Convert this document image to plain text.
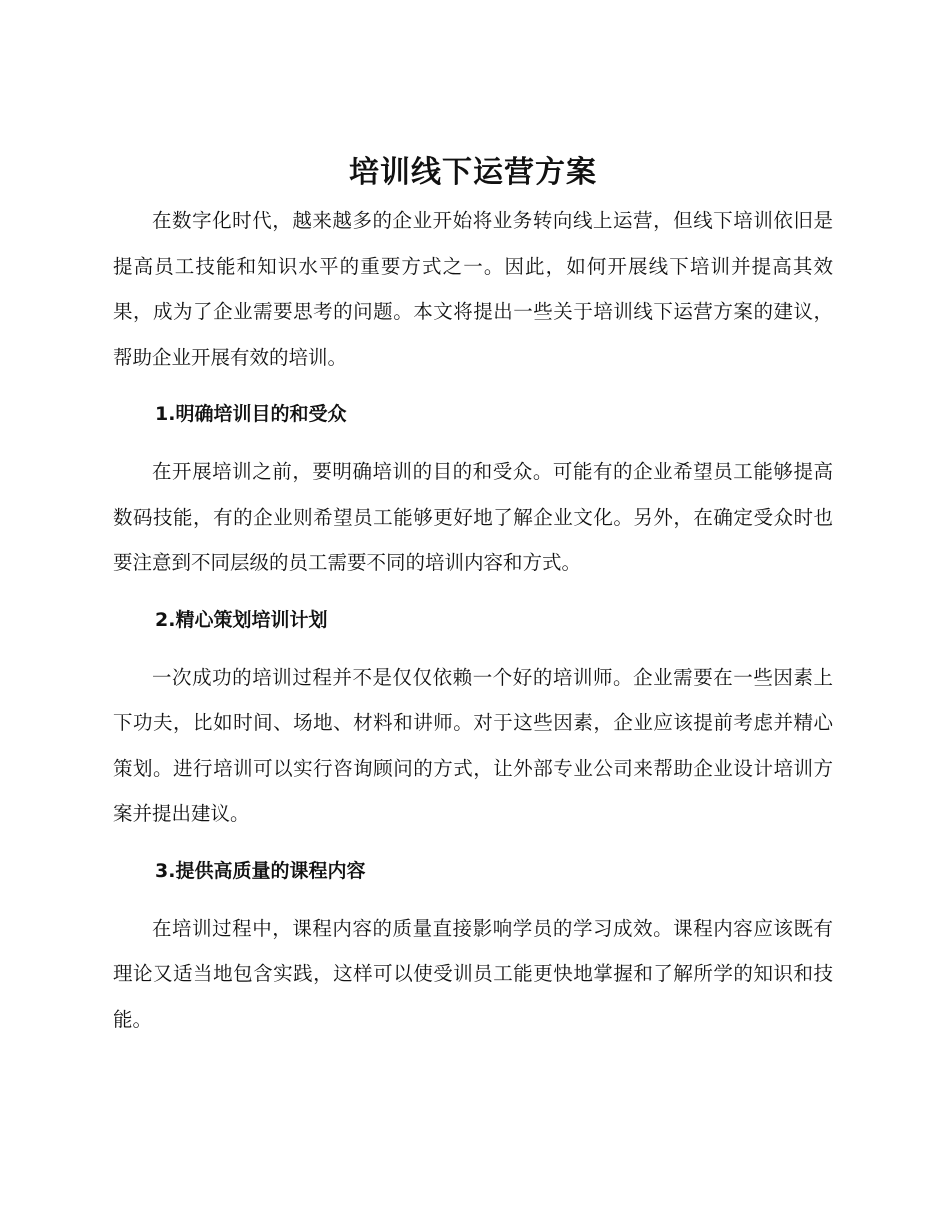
培训线下运营方案

在数字化时代，越来越多的企业开始将业务转向线上运营，但线下培训依旧是提高员工技能和知识水平的重要方式之一。因此，如何开展线下培训并提高其效果，成为了企业需要思考的问题。本文将提出一些关于培训线下运营方案的建议，帮助企业开展有效的培训。

1.明确培训目的和受众

在开展培训之前，要明确培训的目的和受众。可能有的企业希望员工能够提高数码技能，有的企业则希望员工能够更好地了解企业文化。另外，在确定受众时也要注意到不同层级的员工需要不同的培训内容和方式。

2.精心策划培训计划

一次成功的培训过程并不是仅仅依赖一个好的培训师。企业需要在一些因素上下功夫，比如时间、场地、材料和讲师。对于这些因素，企业应该提前考虑并精心策划。进行培训可以实行咨询顾问的方式，让外部专业公司来帮助企业设计培训方案并提出建议。

3.提供高质量的课程内容

在培训过程中，课程内容的质量直接影响学员的学习成效。课程内容应该既有理论又适当地包含实践，这样可以使受训员工能更快地掌握和了解所学的知识和技能。
